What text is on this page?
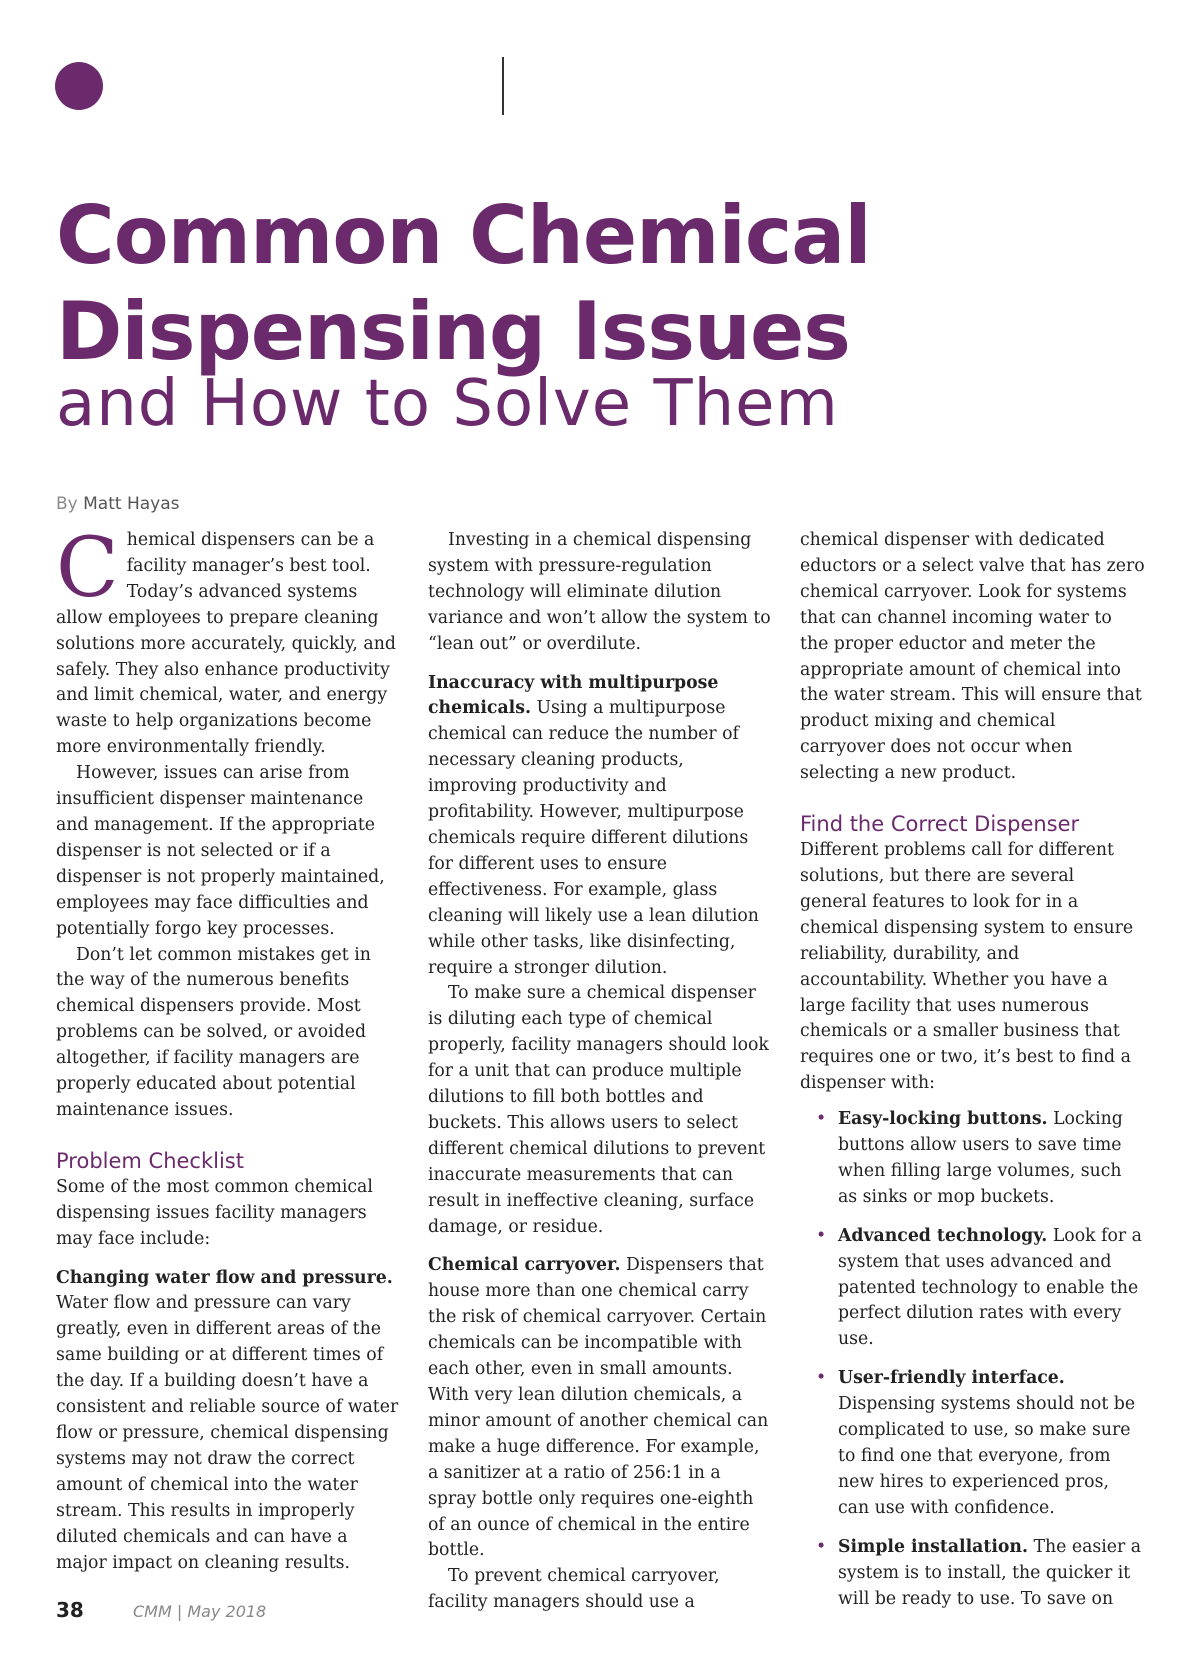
in focus: dispensers
Common Chemical
Dispensing Issues
and How to Solve Them
By Matt Hayas

Chemical dispensers can be a facility manager’s best tool. Today’s advanced systems allow employees to prepare cleaning solutions more accurately, quickly, and safely. They also enhance productivity and limit chemical, water, and energy waste to help organizations become more environmentally friendly.

However, issues can arise from insufficient dispenser maintenance and management. If the appropriate dispenser is not selected or if a dispenser is not properly maintained, employees may face difficulties and potentially forgo key processes.

Don’t let common mistakes get in the way of the numerous benefits chemical dispensers provide. Most problems can be solved, or avoided altogether, if facility managers are properly educated about potential maintenance issues.

Problem Checklist

Some of the most common chemical dispensing issues facility managers may face include:

Changing water flow and pressure. Water flow and pressure can vary greatly, even in different areas of the same building or at different times of the day. If a building doesn’t have a consistent and reliable source of water flow or pressure, chemical dispensing systems may not draw the correct amount of chemical into the water stream. This results in improperly diluted chemicals and can have a major impact on cleaning results.

Investing in a chemical dispensing system with pressure-regulation technology will eliminate dilution variance and won’t allow the system to “lean out” or overdilute.

Inaccuracy with multipurpose chemicals. Using a multipurpose chemical can reduce the number of necessary cleaning products, improving productivity and profitability. However, multipurpose chemicals require different dilutions for different uses to ensure effectiveness. For example, glass cleaning will likely use a lean dilution while other tasks, like disinfecting, require a stronger dilution.

To make sure a chemical dispenser is diluting each type of chemical properly, facility managers should look for a unit that can produce multiple dilutions to fill both bottles and buckets. This allows users to select different chemical dilutions to prevent inaccurate measurements that can result in ineffective cleaning, surface damage, or residue.

Chemical carryover. Dispensers that house more than one chemical carry the risk of chemical carryover. Certain chemicals can be incompatible with each other, even in small amounts. With very lean dilution chemicals, a minor amount of another chemical can make a huge difference. For example, a sanitizer at a ratio of 256:1 in a spray bottle only requires one-eighth of an ounce of chemical in the entire bottle.

To prevent chemical carryover, facility managers should use a

chemical dispenser with dedicated eductors or a select valve that has zero chemical carryover. Look for systems that can channel incoming water to the proper eductor and meter the appropriate amount of chemical into the water stream. This will ensure that product mixing and chemical carryover does not occur when selecting a new product.

Find the Correct Dispenser

Different problems call for different solutions, but there are several general features to look for in a chemical dispensing system to ensure reliability, durability, and accountability. Whether you have a large facility that uses numerous chemicals or a smaller business that requires one or two, it’s best to find a dispenser with:

• Easy-locking buttons. Locking buttons allow users to save time when filling large volumes, such as sinks or mop buckets.
• Advanced technology. Look for a system that uses advanced and patented technology to enable the perfect dilution rates with every use.
• User-friendly interface. Dispensing systems should not be complicated to use, so make sure to find one that everyone, from new hires to experienced pros, can use with confidence.
• Simple installation. The easier a system is to install, the quicker it will be ready to use. To save on
38	CMM | May 2018
